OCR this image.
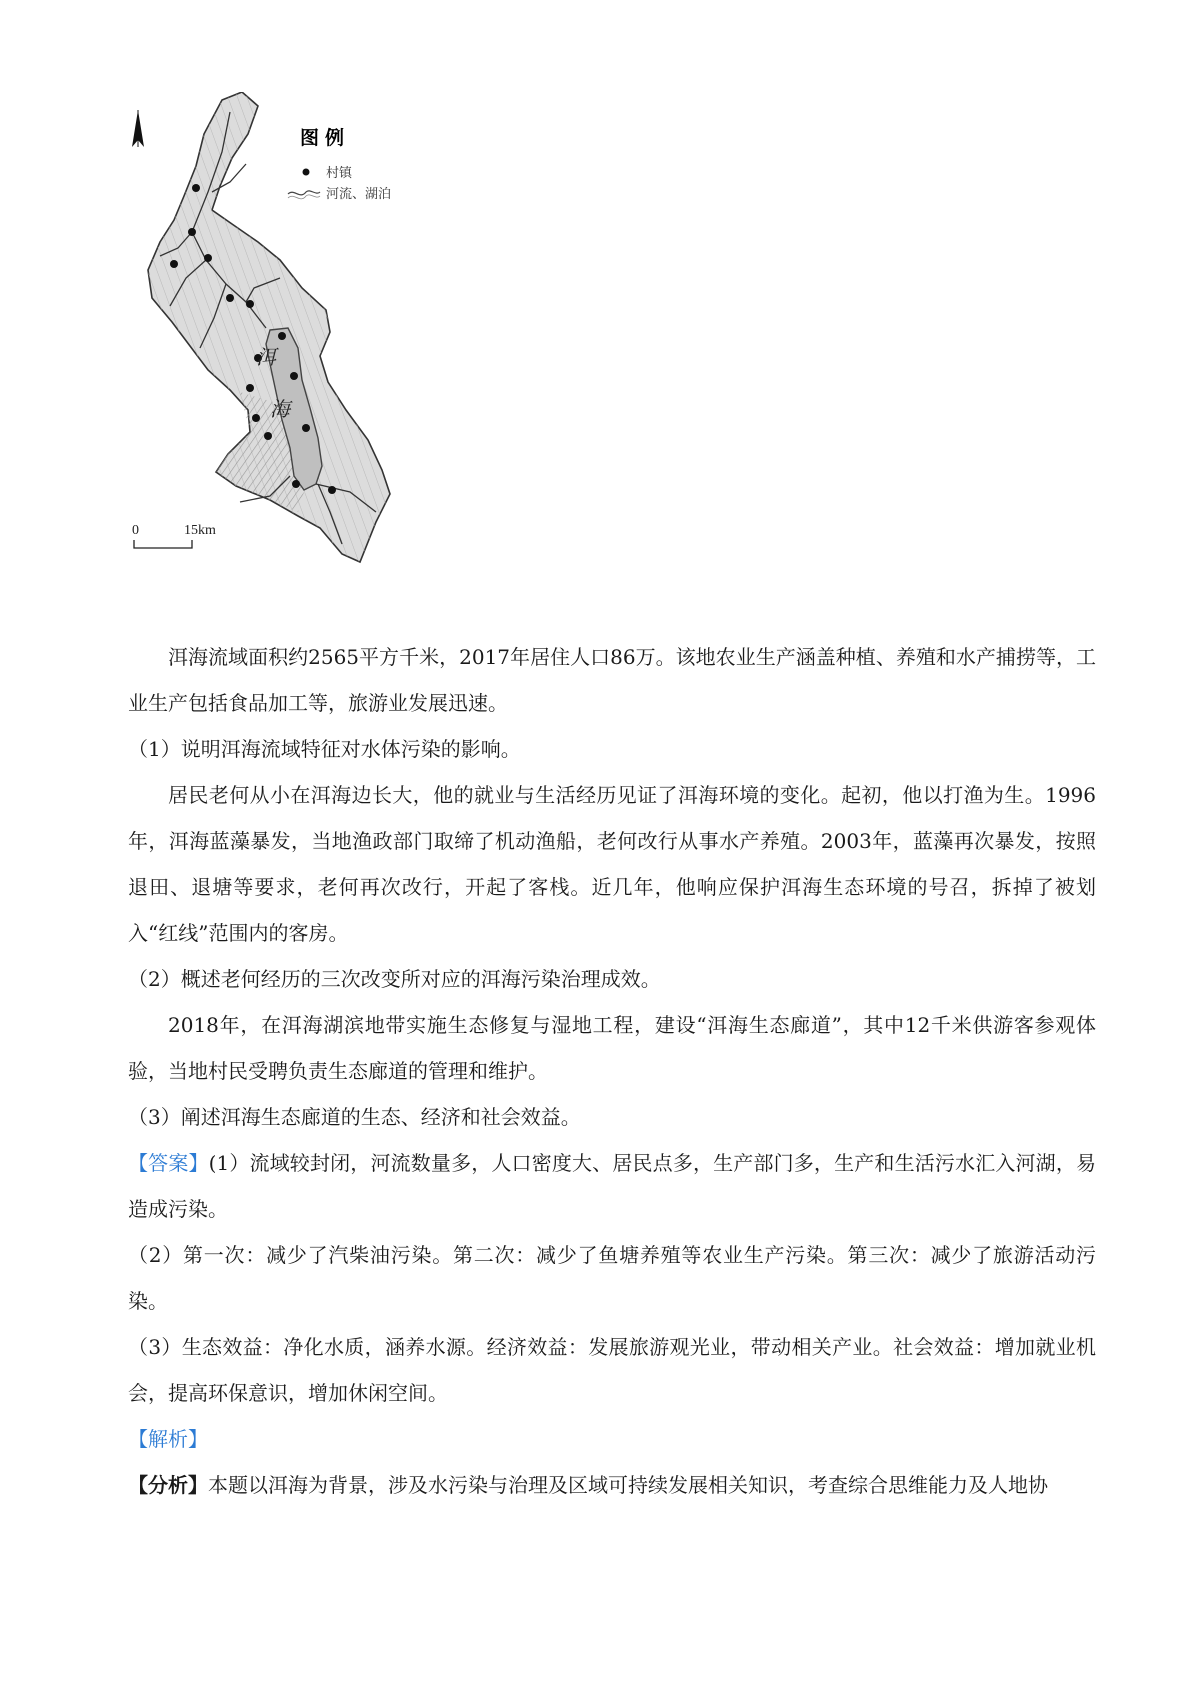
洱
海
图例
村镇
河流、湖泊
0	15km

洱海流域面积约2565平方千米，2017年居住人口86万。该地农业生产涵盖种植、养殖和水产捕捞等，工业生产包括食品加工等，旅游业发展迅速。

（1）说明洱海流域特征对水体污染的影响。

居民老何从小在洱海边长大，他的就业与生活经历见证了洱海环境的变化。起初，他以打渔为生。1996年，洱海蓝藻暴发，当地渔政部门取缔了机动渔船，老何改行从事水产养殖。2003年，蓝藻再次暴发，按照退田、退塘等要求，老何再次改行，开起了客栈。近几年，他响应保护洱海生态环境的号召，拆掉了被划入“红线”范围内的客房。

（2）概述老何经历的三次改变所对应的洱海污染治理成效。

2018年，在洱海湖滨地带实施生态修复与湿地工程，建设“洱海生态廊道”，其中12千米供游客参观体验，当地村民受聘负责生态廊道的管理和维护。

（3）阐述洱海生态廊道的生态、经济和社会效益。

【答案】(1）流域较封闭，河流数量多，人口密度大、居民点多，生产部门多，生产和生活污水汇入河湖，易造成污染。

（2）第一次：减少了汽柴油污染。第二次：减少了鱼塘养殖等农业生产污染。第三次：减少了旅游活动污染。

（3）生态效益：净化水质，涵养水源。经济效益：发展旅游观光业，带动相关产业。社会效益：增加就业机会，提高环保意识，增加休闲空间。

【解析】

【分析】本题以洱海为背景，涉及水污染与治理及区域可持续发展相关知识，考查综合思维能力及人地协
